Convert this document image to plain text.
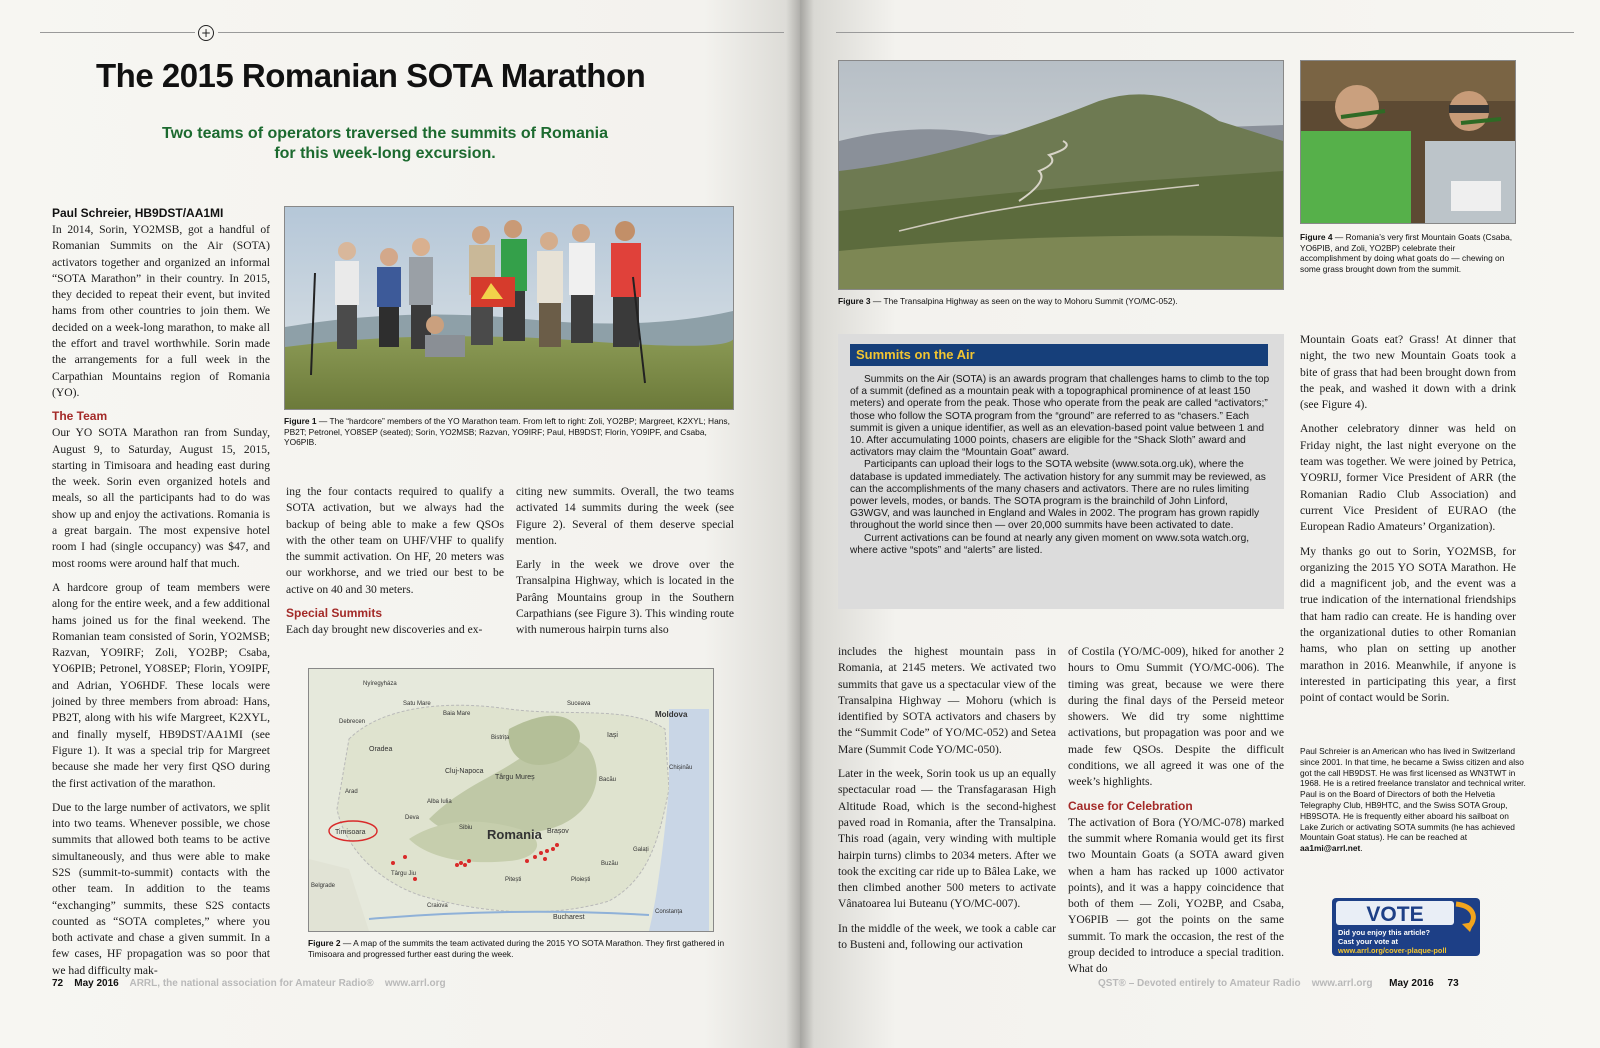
+
The 2015 Romanian SOTA Marathon
Two teams of operators traversed the summits of Romania for this week-long excursion.
Paul Schreier, HB9DST/AA1MI

In 2014, Sorin, YO2MSB, got a handful of Romanian Summits on the Air (SOTA) activators together and organized an informal “SOTA Marathon” in their country. In 2015, they decided to repeat their event, but invited hams from other countries to join them. We decided on a week-long marathon, to make all the effort and travel worthwhile. Sorin made the arrangements for a full week in the Carpathian Mountains region of Romania (YO).

The Team

Our YO SOTA Marathon ran from Sunday, August 9, to Saturday, August 15, 2015, starting in Timisoara and heading east during the week. Sorin even organized hotels and meals, so all the participants had to do was show up and enjoy the activations. Romania is a great bargain. The most expensive hotel room I had (single occupancy) was $47, and most rooms were around half that much.

A hardcore group of team members were along for the entire week, and a few additional hams joined us for the final weekend. The Romanian team consisted of Sorin, YO2MSB; Razvan, YO9IRF; Zoli, YO2BP; Csaba, YO6PIB; Petronel, YO8SEP; Florin, YO9IPF, and Adrian, YO6HDF. These locals were joined by three members from abroad: Hans, PB2T, along with his wife Margreet, K2XYL, and finally myself, HB9DST/AA1MI (see Figure 1). It was a special trip for Margreet because she made her very first QSO during the first activation of the marathon.

Due to the large number of activators, we split into two teams. Whenever possible, we chose summits that allowed both teams to be active simultaneously, and thus were able to make S2S (summit-to-summit) contacts with the other team. In addition to the teams “exchanging” summits, these S2S contacts counted as “SOTA completes,” where you both activate and chase a given summit. In a few cases, HF propagation was so poor that we had difficulty mak-

Figure 1 — The “hardcore” members of the YO Marathon team. From left to right: Zoli, YO2BP; Margreet, K2XYL; Hans, PB2T; Petronel, YO8SEP (seated); Sorin, YO2MSB; Razvan, YO9IRF; Paul, HB9DST; Florin, YO9IPF, and Csaba, YO6PIB.

ing the four contacts required to qualify a SOTA activation, but we always had the backup of being able to make a few QSOs with the other team on UHF/VHF to qualify the summit activation. On HF, 20 meters was our workhorse, and we tried our best to be active on 40 and 30 meters.

Special Summits

Each day brought new discoveries and ex-

citing new summits. Overall, the two teams activated 14 summits during the week (see Figure 2). Several of them deserve special mention.

Early in the week we drove over the Transalpina Highway, which is located in the Parâng Mountains group in the Southern Carpathians (see Figure 3). This winding route with numerous hairpin turns also

Romania
Timisoara
Moldova
Bucharest
Cluj-Napoca
Târgu Mureș
Iași
Brașov
Oradea
Debrecen
Suceava
Nyíregyháza
Baia Mare
Galați
Craiova
Sibiu
Arad
Ploiești
Pitești
Bacău
Belgrade
Constanța
Satu Mare
Bistrița
Deva
Buzău
Târgu Jiu
Alba Iulia
Chișinău
Figure 2 — A map of the summits the team activated during the 2015 YO SOTA Marathon. They first gathered in Timisoara and progressed further east during the week.
72 May 2016 ARRL, the national association for Amateur Radio® www.arrl.org
Figure 3 — The Transalpina Highway as seen on the way to Mohoru Summit (YO/MC-052).
Figure 4 — Romania’s very first Mountain Goats (Csaba, YO6PIB, and Zoli, YO2BP) celebrate their accomplishment by doing what goats do — chewing on some grass brought down from the summit.
Summits on the Air

Summits on the Air (SOTA) is an awards program that challenges hams to climb to the top of a summit (defined as a mountain peak with a topographical prominence of at least 150 meters) and operate from the peak. Those who operate from the peak are called “activators;” those who follow the SOTA program from the “ground” are referred to as “chasers.” Each summit is given a unique identifier, as well as an elevation-based point value between 1 and 10. After accumulating 1000 points, chasers are eligible for the “Shack Sloth” award and activators may claim the “Mountain Goat” award.

Participants can upload their logs to the SOTA website (www.sota.org.uk), where the database is updated immediately. The activation history for any summit may be reviewed, as can the accomplishments of the many chasers and activators. There are no rules limiting power levels, modes, or bands. The SOTA program is the brainchild of John Linford, G3WGV, and was launched in England and Wales in 2002. The program has grown rapidly throughout the world since then — over 20,000 summits have been activated to date.

Current activations can be found at nearly any given moment on www.sota watch.org, where active “spots” and “alerts” are listed.

includes the highest mountain pass in Romania, at 2145 meters. We activated two summits that gave us a spectacular view of the Transalpina Highway — Mohoru (which is identified by SOTA activators and chasers by the “Summit Code” of YO/MC-052) and Setea Mare (Summit Code YO/MC-050).

Later in the week, Sorin took us up an equally spectacular road — the Transfagarasan High Altitude Road, which is the second-highest paved road in Romania, after the Transalpina. This road (again, very winding with multiple hairpin turns) climbs to 2034 meters. After we took the exciting car ride up to Bâlea Lake, we then climbed another 500 meters to activate Vânatoarea lui Buteanu (YO/MC-007).

In the middle of the week, we took a cable car to Busteni and, following our activation

of Costila (YO/MC-009), hiked for another 2 hours to Omu Summit (YO/MC-006). The timing was great, because we were there during the final days of the Perseid meteor showers. We did try some nighttime activations, but propagation was poor and we made few QSOs. Despite the difficult conditions, we all agreed it was one of the week’s highlights.

Cause for Celebration

The activation of Bora (YO/MC-078) marked the summit where Romania would get its first two Mountain Goats (a SOTA award given when a ham has racked up 1000 activator points), and it was a happy coincidence that both of them — Zoli, YO2BP, and Csaba, YO6PIB — got the points on the same summit. To mark the occasion, the rest of the group decided to introduce a special tradition. What do

Mountain Goats eat? Grass! At dinner that night, the two new Mountain Goats took a bite of grass that had been brought down from the peak, and washed it down with a drink (see Figure 4).

Another celebratory dinner was held on Friday night, the last night everyone on the team was together. We were joined by Petrica, YO9RIJ, former Vice President of ARR (the Romanian Radio Club Association) and current Vice President of EURAO (the European Radio Amateurs’ Organization).

My thanks go out to Sorin, YO2MSB, for organizing the 2015 YO SOTA Marathon. He did a magnificent job, and the event was a true indication of the international friendships that ham radio can create. He is handing over the organizational duties to other Romanian hams, who plan on setting up another marathon in 2016. Meanwhile, if anyone is interested in participating this year, a first point of contact would be Sorin.

Paul Schreier is an American who has lived in Switzerland since 2001. In that time, he became a Swiss citizen and also got the call HB9DST. He was first licensed as WN3TWT in 1968. He is a retired freelance translator and technical writer. Paul is on the Board of Directors of both the Helvetia Telegraphy Club, HB9HTC, and the Swiss SOTA Group, HB9SOTA. He is frequently either aboard his sailboat on Lake Zurich or activating SOTA summits (he has achieved Mountain Goat status). He can be reached at aa1mi@arrl.net.
VOTE
Did you enjoy this article?
Cast your vote at
www.arrl.org/cover-plaque-poll
QST® – Devoted entirely to Amateur Radio www.arrl.org May 2016 73
